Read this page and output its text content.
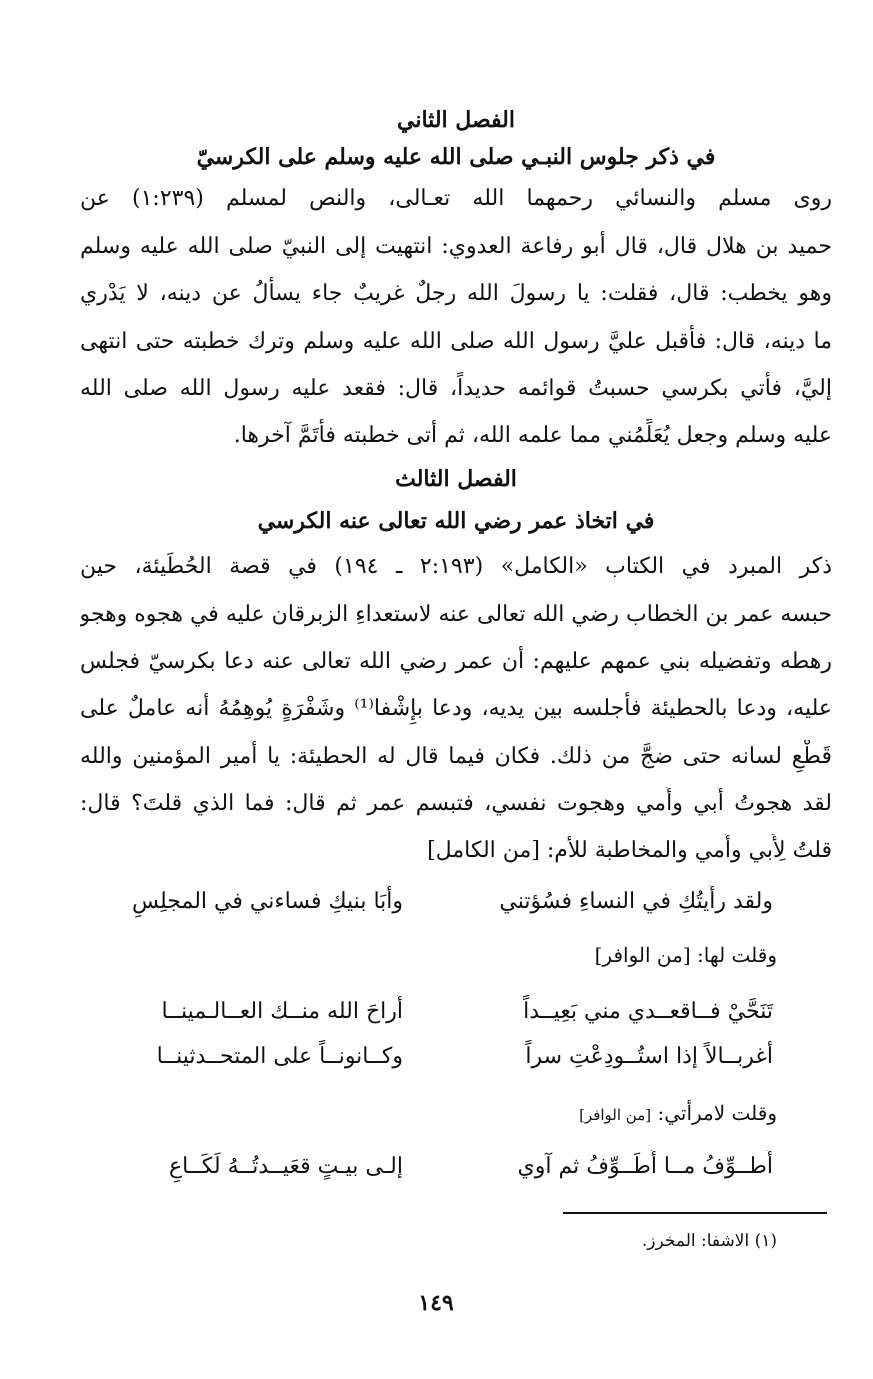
الفصل الثاني
في ذكر جلوس النبـي صلى الله عليه وسلم على الكرسيّ
روى مسلم والنسائي رحمهما الله تعـالى، والنص لمسلم (١:٢٣٩) عن
حميد بن هلال قال، قال أبو رفاعة العدوي: انتهيت إلى النبيّ صلى الله عليه وسلم
وهو يخطب: قال، فقلت: يا رسولَ الله رجلٌ غريبٌ جاء يسأَلُ عن دينه، لا يَدْري
ما دينه، قال: فأقبل عليَّ رسول الله صلى الله عليه وسلم وترك خطبته حتى انتهى
إليَّ، فأُتي بكرسي حسبتُ قوائمه حديداً، قال: فقعد عليه رسول الله صلى الله
عليه وسلم وجعل يُعَلِّمُني مما علمه الله، ثم أتى خطبته فأَتَمَّ آخرها.
الفصل الثالث
في اتخاذ عمر رضي الله تعالى عنه الكرسي
ذكر المبرد في الكتاب «الكامل» (٢:١٩٣ ـ ١٩٤) في قصة الحُطَيئة، حين
حبسه عمر بن الخطاب رضي الله تعالى عنه لاستعداءِ الزبرقان عليه في هجوه وهجو
رهطه وتفضيله بني عمهم عليهم: أن عمر رضي الله تعالى عنه دعا بكرسيّ فجلس
عليه، ودعا بالحطيئة فأَجلسه بين يديه، ودعا بإِشْفا⁽¹⁾ وشَفْرَةٍ يُوهِمُهُ أنه عاملٌ على
قَطْعِ لسانه حتى ضجَّ من ذلك. فكان فيما قال له الحطيئة: يا أَمير المؤمنين والله
لقد هجوتُ أَبي وأُمي وهجوت نفسي، فتبسم عمر ثم قال: فما الذي قلتَ؟ قال:
قلتُ لِأَبي وأُمي والمخاطبة للأم: [من الكامل]
ولقد رأَيتُكِ في النساءِ فسُؤتني
وأَبَا بنيكِ فساءني في المجلِسِ
وقلت لها: [من الوافر]
تَنَحَّيْ فــاقعــدي مني بَعِيــداً
أَراحَ الله منــك العــالـمينــا
أغربــالاً إذا استُــودِعْتِ سراً
وكــانونــاً على المتحــدثينــا
وقلت لامرأتي: [من الوافر]
أُطــوِّفُ مــا أُطَــوِّفُ ثم آوي
إلـى بيـتٍ قعَيــدتُــهُ لَكَــاعِ
(١) الاشفا: المخرز.
١٤٩
